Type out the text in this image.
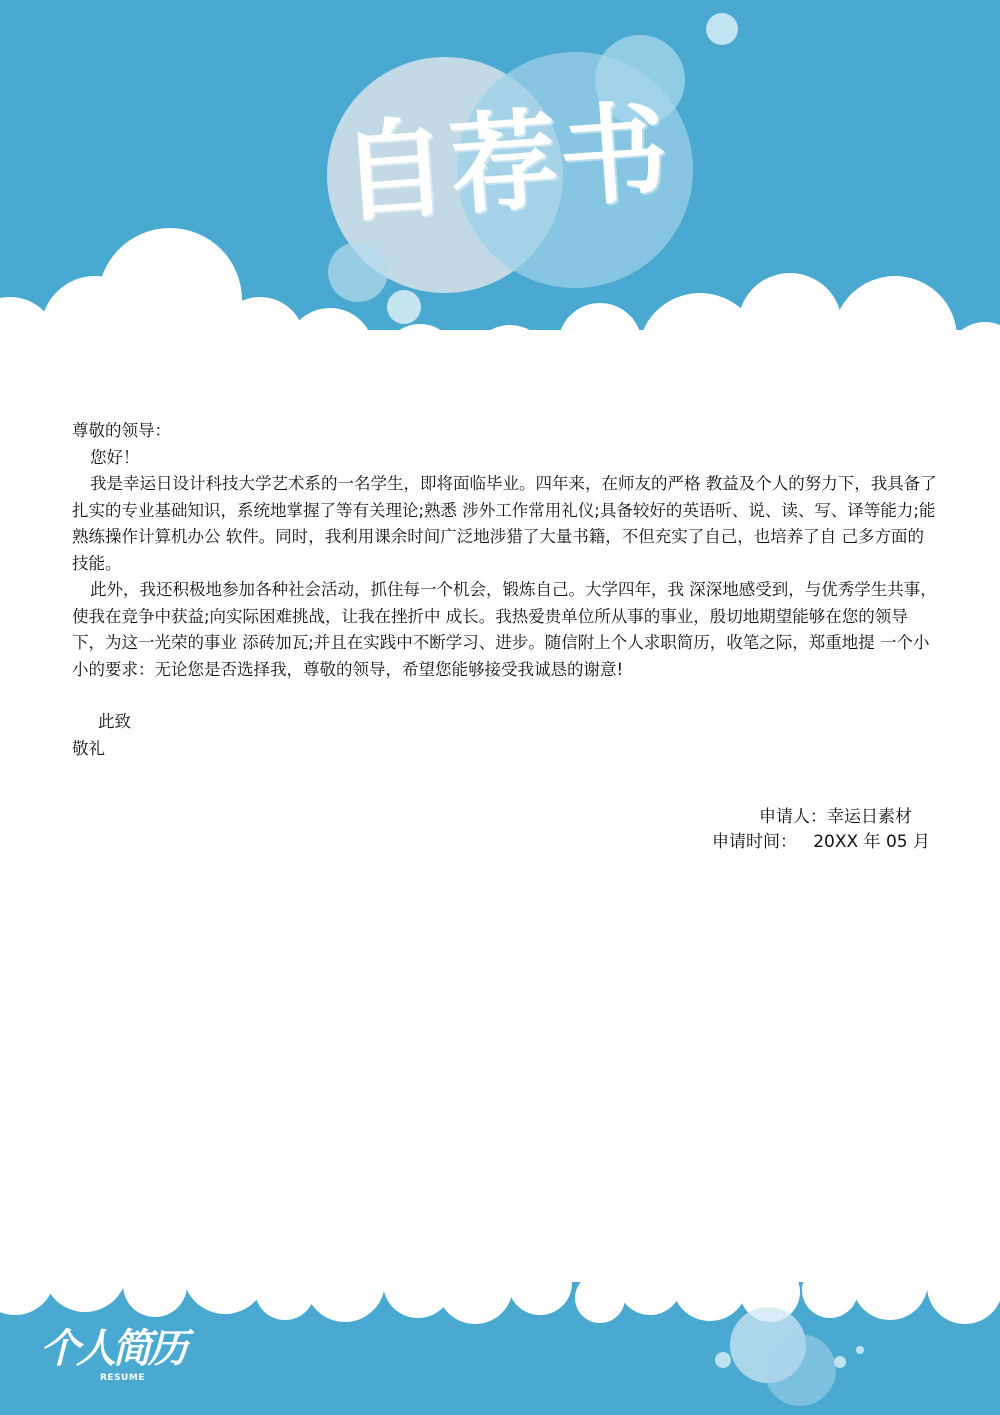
自荐书

尊敬的领导：

您好！

我是幸运日设计科技大学艺术系的一名学生，即将面临毕业。四年来，在师友的严格 教益及个人的努力下，我具备了扎实的专业基础知识，系统地掌握了等有关理论;熟悉 涉外工作常用礼仪;具备较好的英语听、说、读、写、译等能力;能熟练操作计算机办公 软件。同时，我利用课余时间广泛地涉猎了大量书籍，不但充实了自己，也培养了自 己多方面的技能。

此外，我还积极地参加各种社会活动，抓住每一个机会，锻炼自己。大学四年，我 深深地感受到，与优秀学生共事，使我在竞争中获益;向实际困难挑战，让我在挫折中 成长。我热爱贵单位所从事的事业，殷切地期望能够在您的领导下，为这一光荣的事业 添砖加瓦;并且在实践中不断学习、进步。随信附上个人求职简历，收笔之际，郑重地提 一个小小的要求：无论您是否选择我，尊敬的领导，希望您能够接受我诚恳的谢意!

此致

敬礼

申请人：幸运日素材
申请时间： 20XX 年 05 月
个人简历
RESUME
